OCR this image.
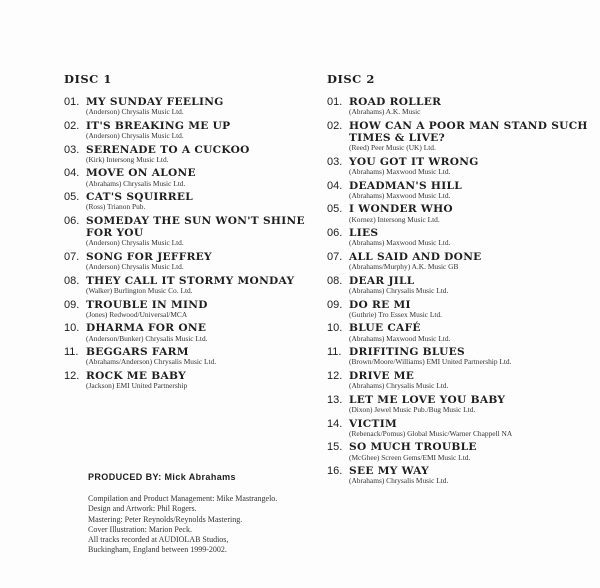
DISC 1
01. MY SUNDAY FEELING
(Anderson) Chrysalis Music Ltd.
02. IT'S BREAKING ME UP
(Anderson) Chrysalis Music Ltd.
03. SERENADE TO A CUCKOO
(Kirk) Intersong Music Ltd.
04. MOVE ON ALONE
(Abrahams) Chrysalis Music Ltd.
05. CAT'S SQUIRREL
(Ross) Trianon Pub.
06. SOMEDAY THE SUN WON'T SHINE FOR YOU
(Anderson) Chrysalis Music Ltd.
07. SONG FOR JEFFREY
(Anderson) Chrysalis Music Ltd.
08. THEY CALL IT STORMY MONDAY
(Walker) Burlington Music Co. Ltd.
09. TROUBLE IN MIND
(Jones) Redwood/Universal/MCA
10. DHARMA FOR ONE
(Anderson/Bunker) Chrysalis Music Ltd.
11. BEGGARS FARM
(Abrahams/Anderson) Chrysalis Music Ltd.
12. ROCK ME BABY
(Jackson) EMI United Partnership
DISC 2
01. ROAD ROLLER
(Abrahams) A.K. Music
02. HOW CAN A POOR MAN STAND SUCH TIMES & LIVE?
(Reed) Peer Music (UK) Ltd.
03. YOU GOT IT WRONG
(Abrahams) Maxwood Music Ltd.
04. DEADMAN'S HILL
(Abrahams) Maxwood Music Ltd.
05. I WONDER WHO
(Kornez) Intersong Music Ltd.
06. LIES
(Abrahams) Maxwood Music Ltd.
07. ALL SAID AND DONE
(Abrahams/Murphy) A.K. Music GB
08. DEAR JILL
(Abrahams) Chrysalis Music Ltd.
09. DO RE MI
(Guthrie) Tro Essex Music Ltd.
10. BLUE CAFÉ
(Abrahams) Maxwood Music Ltd.
11. DRIFITING BLUES
(Brown/Moore/Williams) EMI United Partnership Ltd.
12. DRIVE ME
(Abrahams) Chrysalis Music Ltd.
13. LET ME LOVE YOU BABY
(Dixon) Jewel Music Pub./Bug Music Ltd.
14. VICTIM
(Rebenack/Pomus) Global Music/Warner Chappell NA
15. SO MUCH TROUBLE
(McGhee) Screen Gems/EMI Music Ltd.
16. SEE MY WAY
(Abrahams) Chrysalis Music Ltd.
PRODUCED BY: Mick Abrahams
Compilation and Product Management: Mike Mastrangelo.
Design and Artwork: Phil Rogers.
Mastering: Peter Reynolds/Reynolds Mastering.
Cover Illustration: Marion Peck.
All tracks recorded at AUDIOLAB Studios,
Buckingham, England between 1999-2002.
